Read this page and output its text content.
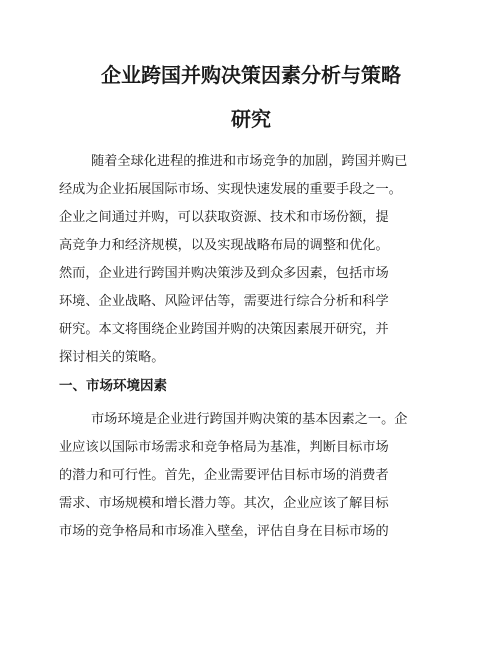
企业跨国并购决策因素分析与策略
研究

随着全球化进程的推进和市场竞争的加剧，跨国并购已

经成为企业拓展国际市场、实现快速发展的重要手段之一。

企业之间通过并购，可以获取资源、技术和市场份额，提

高竞争力和经济规模，以及实现战略布局的调整和优化。

然而，企业进行跨国并购决策涉及到众多因素，包括市场

环境、企业战略、风险评估等，需要进行综合分析和科学

研究。本文将围绕企业跨国并购的决策因素展开研究，并

探讨相关的策略。

一、市场环境因素

市场环境是企业进行跨国并购决策的基本因素之一。企

业应该以国际市场需求和竞争格局为基准，判断目标市场

的潜力和可行性。首先，企业需要评估目标市场的消费者

需求、市场规模和增长潜力等。其次，企业应该了解目标

市场的竞争格局和市场准入壁垒，评估自身在目标市场的
